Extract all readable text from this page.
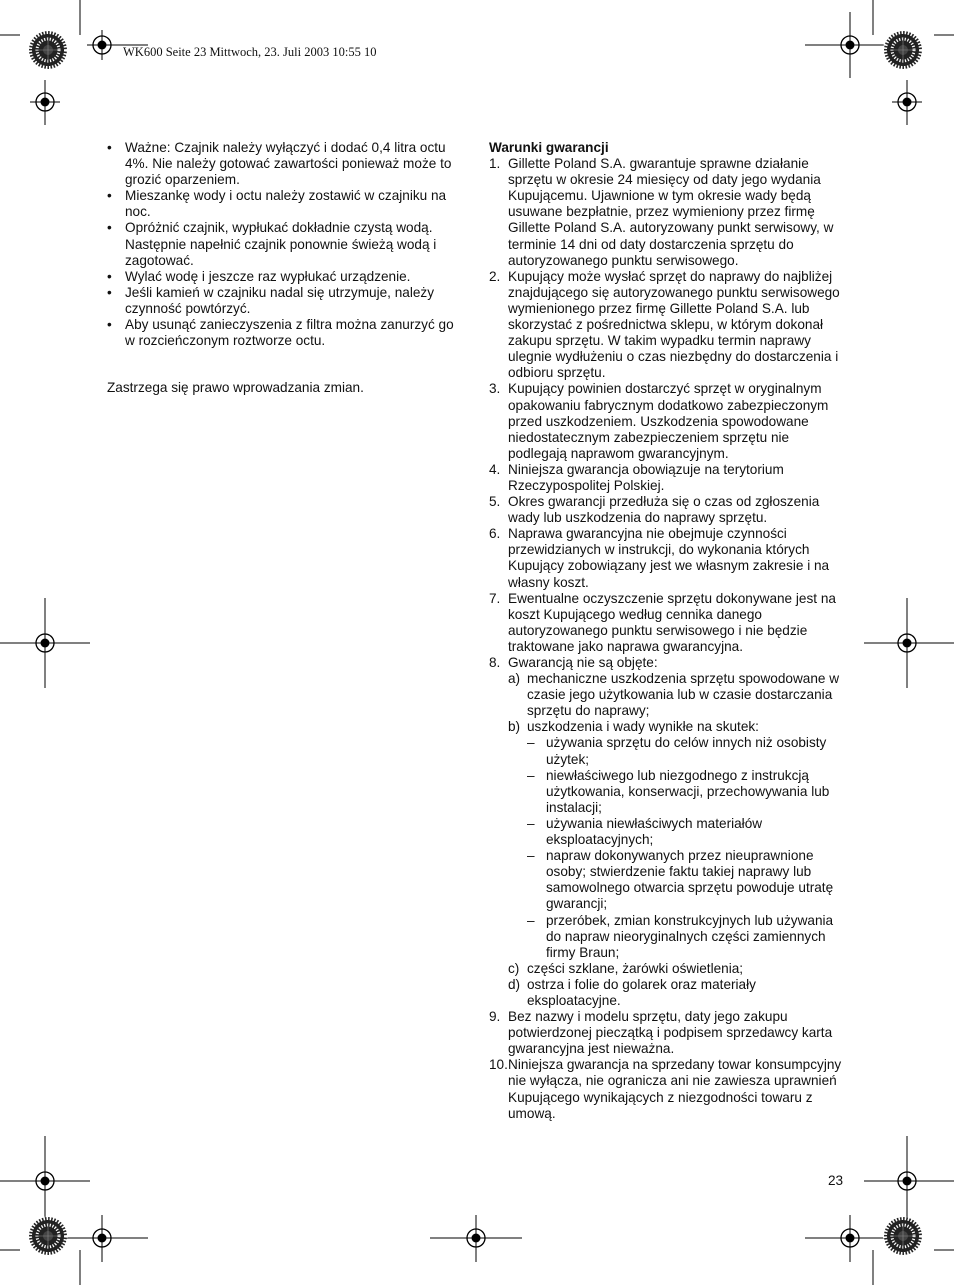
WK600 Seite 23 Mittwoch, 23. Juli 2003 10:55 10
• Ważne: Czajnik należy wyłączyć i dodać 0,4 litra octu 4%. Nie należy gotować zawartości ponieważ może to grozić oparzeniem.
• Mieszankę wody i octu należy zostawić w czajniku na noc.
• Opróżnić czajnik, wypłukać dokładnie czystą wodą. Następnie napełnić czajnik ponownie świeżą wodą i zagotować.
• Wylać wodę i jeszcze raz wypłukać urządzenie.
• Jeśli kamień w czajniku nadal się utrzymuje, należy czynność powtórzyć.
• Aby usunąć zanieczyszenia z filtra można zanurzyć go w rozcieńczonym roztworze octu.
Zastrzega się prawo wprowadzania zmian.
Warunki gwarancji
1. Gillette Poland S.A. gwarantuje sprawne działanie sprzętu w okresie 24 miesięcy od daty jego wydania Kupującemu. Ujawnione w tym okresie wady będą usuwane bezpłatnie, przez wymieniony przez firmę Gillette Poland S.A. autoryzowany punkt serwisowy, w terminie 14 dni od daty dostarczenia sprzętu do autoryzowanego punktu serwisowego.
2. Kupujący może wysłać sprzęt do naprawy do najbliżej znajdującego się autoryzowanego punktu serwisowego wymienionego przez firmę Gillette Poland S.A. lub skorzystać z pośrednictwa sklepu, w którym dokonał zakupu sprzętu. W takim wypadku termin naprawy ulegnie wydłużeniu o czas niezbędny do dostarczenia i odbioru sprzętu.
3. Kupujący powinien dostarczyć sprzęt w oryginalnym opakowaniu fabrycznym dodatkowo zabezpieczonym przed uszkodzeniem. Uszkodzenia spowodowane niedostatecznym zabezpieczeniem sprzętu nie podlegają naprawom gwarancyjnym.
4. Niniejsza gwarancja obowiązuje na terytorium Rzeczypospolitej Polskiej.
5. Okres gwarancji przedłuża się o czas od zgłoszenia wady lub uszkodzenia do naprawy sprzętu.
6. Naprawa gwarancyjna nie obejmuje czynności przewidzianych w instrukcji, do wykonania których Kupujący zobowiązany jest we własnym zakresie i na własny koszt.
7. Ewentualne oczyszczenie sprzętu dokonywane jest na koszt Kupującego według cennika danego autoryzowanego punktu serwisowego i nie będzie traktowane jako naprawa gwarancyjna.
8. Gwarancją nie są objęte:
a) mechaniczne uszkodzenia sprzętu spowodowane w czasie jego użytkowania lub w czasie dostarczania sprzętu do naprawy;
b) uszkodzenia i wady wynikłe na skutek:
– używania sprzętu do celów innych niż osobisty użytek;
– niewłaściwego lub niezgodnego z instrukcją użytkowania, konserwacji, przechowywania lub instalacji;
– używania niewłaściwych materiałów eksploatacyjnych;
– napraw dokonywanych przez nieuprawnione osoby; stwierdzenie faktu takiej naprawy lub samowolnego otwarcia sprzętu powoduje utratę gwarancji;
– przeróbek, zmian konstrukcyjnych lub używania do napraw nieoryginalnych części zamiennych firmy Braun;
c) części szklane, żarówki oświetlenia;
d) ostrza i folie do golarek oraz materiały eksploatacyjne.
9. Bez nazwy i modelu sprzętu, daty jego zakupu potwierdzonej pieczątką i podpisem sprzedawcy karta gwarancyjna jest nieważna.
10. Niniejsza gwarancja na sprzedany towar konsumpcyjny nie wyłącza, nie ogranicza ani nie zawiesza uprawnień Kupującego wynikających z niezgodności towaru z umową.
23
